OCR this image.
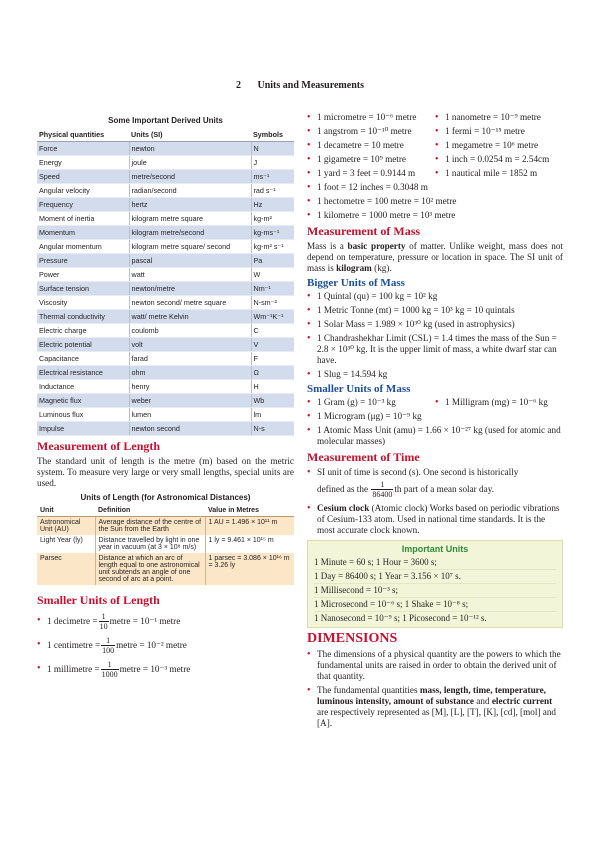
2 Units and Measurements
Some Important Derived Units
Physical quantities	Units (SI)	Symbols
Force	newton	N
Energy	joule	J
Speed	metre/second	ms⁻¹
Angular velocity	radian/second	rad s⁻¹
Frequency	hertz	Hz
Moment of inertia	kilogram metre square	kg-m²
Momentum	kilogram metre/second	kg-ms⁻¹
Angular momentum	kilogram metre square/ second	kg-m² s⁻¹
Pressure	pascal	Pa
Power	watt	W
Surface tension	newton/metre	Nm⁻¹
Viscosity	newton second/ metre square	N-sm⁻²
Thermal conductivity	watt/ metre Kelvin	Wm⁻¹K⁻¹
Electric charge	coulomb	C
Electric potential	volt	V
Capacitance	farad	F
Electrical resistance	ohm	Ω
Inductance	henry	H
Magnetic flux	weber	Wb
Luminous flux	lumen	lm
Impulse	newton second	N-s
Measurement of Length

The standard unit of length is the metre (m) based on the metric system. To measure very large or very small lengths, special units are used.

Units of Length (for Astronomical Distances)
Unit	Definition	Value in Metres
Astronomical Unit (AU)	Average distance of the centre of the Sun from the Earth	1 AU = 1.496 × 10¹¹ m
Light Year (ly)	Distance travelled by light in one year in vacuum (at 3 × 10⁸ m/s)	1 ly = 9.461 × 10¹⁵ m
Parsec	Distance at which an arc of length equal to one astronomical unit subtends an angle of one second of arc at a point.	1 parsec = 3.086 × 10¹⁶ m = 3.26 ly
Smaller Units of Length
• 1 decimetre = $\frac{1}{10}$ metre = 10⁻¹ metre
• 1 centimetre = $\frac{1}{100}$ metre = 10⁻² metre
• 1 millimetre = $\frac{1}{1000}$ metre = 10⁻³ metre
• 1 micrometre = 10⁻⁶ metre	• 1 nanometre = 10⁻⁹ metre
• 1 angstrom = 10⁻¹⁰ metre	• 1 fermi = 10⁻¹⁵ metre
• 1 decametre = 10 metre	• 1 megametre = 10⁶ metre
• 1 gigametre = 10⁹ metre	• 1 inch = 0.0254 m = 2.54cm
• 1 yard = 3 feet = 0.9144 m	• 1 nautical mile = 1852 m
• 1 foot = 12 inches = 0.3048 m
• 1 hectometre = 100 metre = 10² metre
• 1 kilometre = 1000 metre = 10³ metre
Measurement of Mass

Mass is a basic property of matter. Unlike weight, mass does not depend on temperature, pressure or location in space. The SI unit of mass is kilogram (kg).

Bigger Units of Mass
• 1 Quintal (qu) = 100 kg = 10² kg
• 1 Metric Tonne (mt) = 1000 kg = 10³ kg = 10 quintals
• 1 Solar Mass = 1.989 × 10³⁰ kg (used in astrophysics)
• 1 Chandrashekhar Limit (CSL) = 1.4 times the mass of the Sun = 2.8 × 10³⁰ kg. It is the upper limit of mass, a white dwarf star can have.
• 1 Slug = 14.594 kg
Smaller Units of Mass
• 1 Gram (g) = 10⁻³ kg	• 1 Milligram (mg) = 10⁻⁶ kg
• 1 Microgram (μg) = 10⁻⁹ kg
• 1 Atomic Mass Unit (amu) = 1.66 × 10⁻²⁷ kg (used for atomic and molecular masses)
Measurement of Time
• SI unit of time is second (s). One second is historically
defined as the $\frac{1}{86400}$ th part of a mean solar day.
• Cesium clock (Atomic clock) Works based on periodic vibrations of Cesium-133 atom. Used in national time standards. It is the most accurate clock known.
Important Units
1 Minute = 60 s; 1 Hour = 3600 s;
1 Day = 86400 s; 1 Year = 3.156 × 10⁷ s.
1 Millisecond = 10⁻³ s;
1 Microsecond = 10⁻⁶ s; 1 Shake = 10⁻⁸ s;
1 Nanosecond = 10⁻⁹ s; 1 Picosecond = 10⁻¹² s.
DIMENSIONS
• The dimensions of a physical quantity are the powers to which the fundamental units are raised in order to obtain the derived unit of that quantity.
• The fundamental quantities mass, length, time, temperature, luminous intensity, amount of substance and electric current are respectively represented as [M], [L], [T], [K], [cd], [mol] and [A].
